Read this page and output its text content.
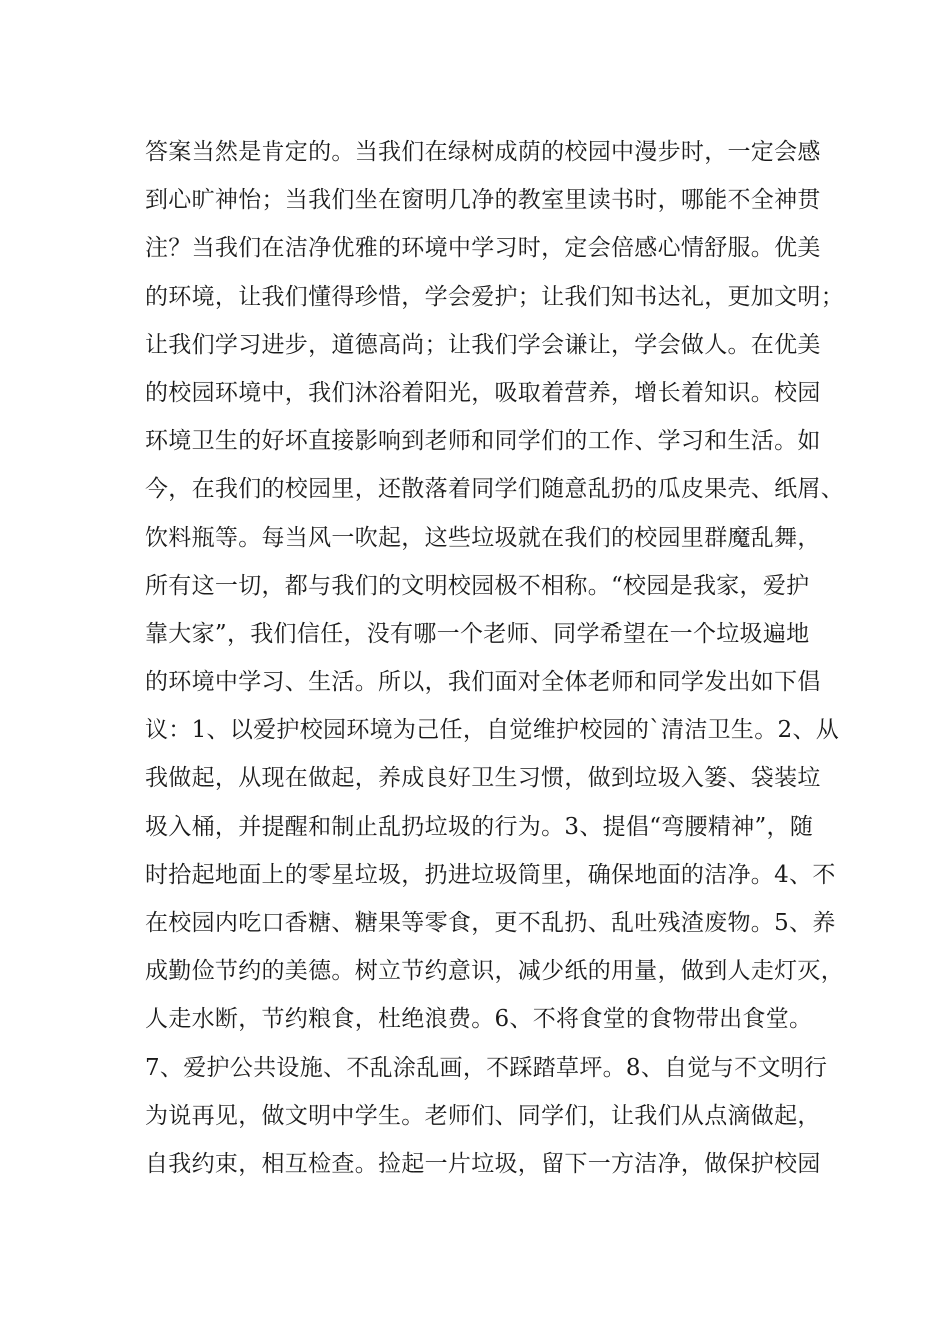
答案当然是肯定的。当我们在绿树成荫的校园中漫步时，一定会感
到心旷神怡；当我们坐在窗明几净的教室里读书时，哪能不全神贯
注？当我们在洁净优雅的环境中学习时，定会倍感心情舒服。优美
的环境，让我们懂得珍惜，学会爱护；让我们知书达礼，更加文明；
让我们学习进步，道德高尚；让我们学会谦让，学会做人。在优美
的校园环境中，我们沐浴着阳光，吸取着营养，增长着知识。校园
环境卫生的好坏直接影响到老师和同学们的工作、学习和生活。如
今，在我们的校园里，还散落着同学们随意乱扔的瓜皮果壳、纸屑、
饮料瓶等。每当风一吹起，这些垃圾就在我们的校园里群魔乱舞，
所有这一切，都与我们的文明校园极不相称。“校园是我家，爱护
靠大家”，我们信任，没有哪一个老师、同学希望在一个垃圾遍地
的环境中学习、生活。所以，我们面对全体老师和同学发出如下倡
议：1、以爱护校园环境为己任，自觉维护校园的`清洁卫生。2、从
我做起，从现在做起，养成良好卫生习惯，做到垃圾入篓、袋装垃
圾入桶，并提醒和制止乱扔垃圾的行为。3、提倡“弯腰精神”，随
时拾起地面上的零星垃圾，扔进垃圾筒里，确保地面的洁净。4、不
在校园内吃口香糖、糖果等零食，更不乱扔、乱吐残渣废物。5、养
成勤俭节约的美德。树立节约意识，减少纸的用量，做到人走灯灭，
人走水断，节约粮食，杜绝浪费。6、不将食堂的食物带出食堂。
7、爱护公共设施、不乱涂乱画，不踩踏草坪。8、自觉与不文明行
为说再见，做文明中学生。老师们、同学们，让我们从点滴做起，
自我约束，相互检查。捡起一片垃圾，留下一方洁净，做保护校园
